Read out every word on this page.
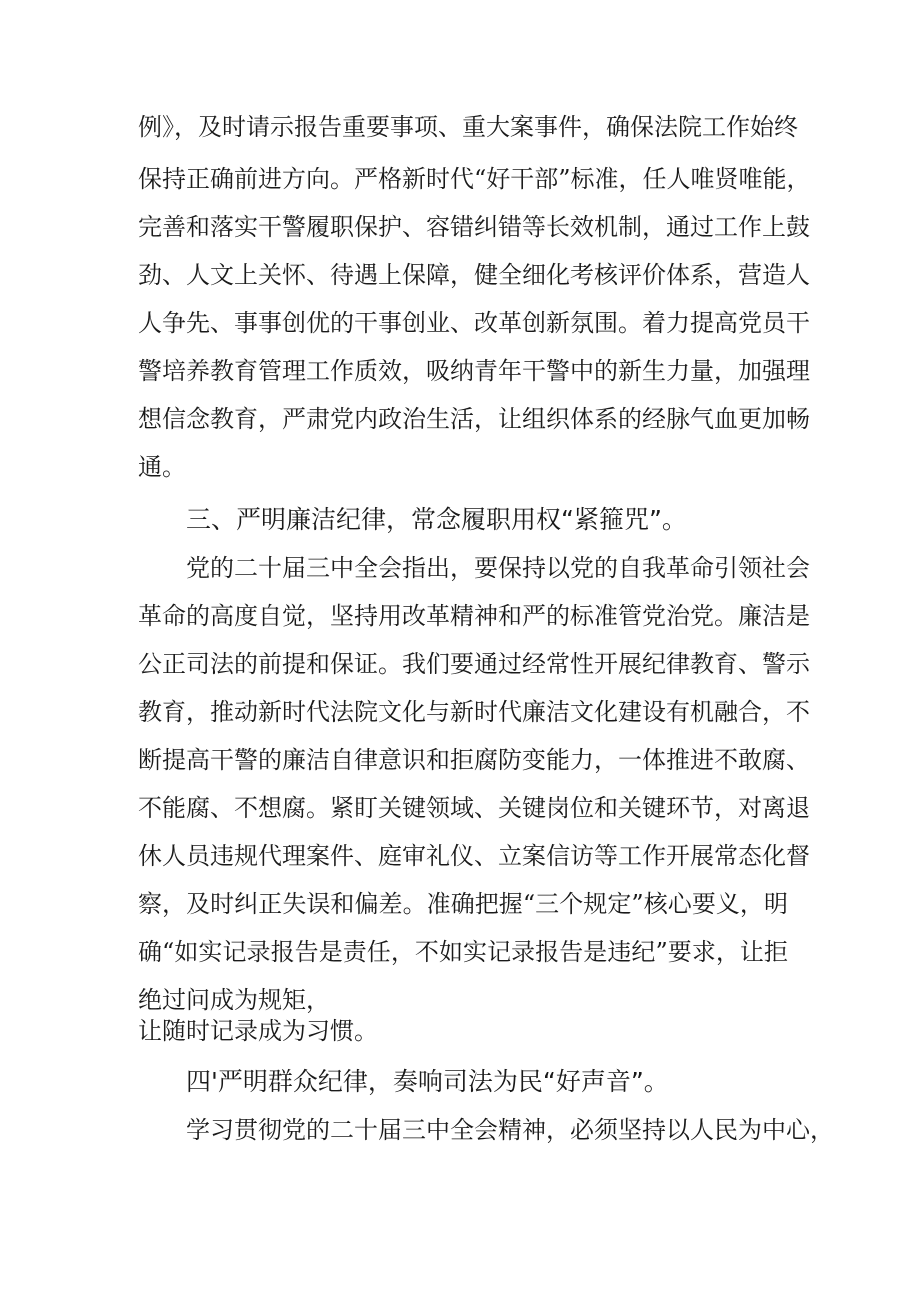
例》，及时请示报告重要事项、重大案事件，确保法院工作始终
保持正确前进方向。严格新时代“好干部”标准，任人唯贤唯能，
完善和落实干警履职保护、容错纠错等长效机制，通过工作上鼓
劲、人文上关怀、待遇上保障，健全细化考核评价体系，营造人
人争先、事事创优的干事创业、改革创新氛围。着力提高党员干
警培养教育管理工作质效，吸纳青年干警中的新生力量，加强理
想信念教育，严肃党内政治生活，让组织体系的经脉气血更加畅
通。
三、严明廉洁纪律，常念履职用权“紧箍咒”。
党的二十届三中全会指出，要保持以党的自我革命引领社会
革命的高度自觉，坚持用改革精神和严的标准管党治党。廉洁是
公正司法的前提和保证。我们要通过经常性开展纪律教育、警示
教育，推动新时代法院文化与新时代廉洁文化建设有机融合，不
断提高干警的廉洁自律意识和拒腐防变能力，一体推进不敢腐、
不能腐、不想腐。紧盯关键领域、关键岗位和关键环节，对离退
休人员违规代理案件、庭审礼仪、立案信访等工作开展常态化督
察，及时纠正失误和偏差。准确把握“三个规定”核心要义，明
确“如实记录报告是责任，不如实记录报告是违纪”要求，让拒
绝过问成为规矩，
让随时记录成为习惯。
四'严明群众纪律，奏响司法为民“好声音”。
学习贯彻党的二十届三中全会精神，必须坚持以人民为中心，
